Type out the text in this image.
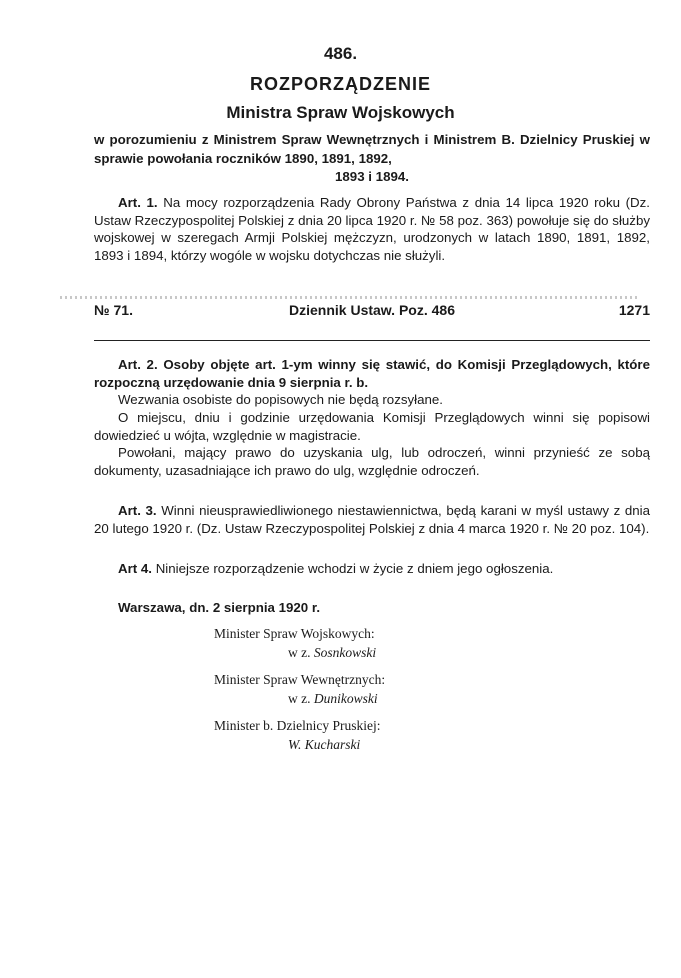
486.
ROZPORZĄDZENIE
Ministra Spraw Wojskowych
w porozumieniu z Ministrem Spraw Wewnętrznych i Ministrem B. Dzielnicy Pruskiej w sprawie powołania roczników 1890, 1891, 1892,
1893 i 1894.
Art. 1. Na mocy rozporządzenia Rady Obrony Państwa z dnia 14 lipca 1920 roku (Dz. Ustaw Rzeczypospolitej Polskiej z dnia 20 lipca 1920 r. № 58 poz. 363) powołuje się do służby wojskowej w szeregach Armji Polskiej mężczyzn, urodzonych w latach 1890, 1891, 1892, 1893 i 1894, którzy wogóle w wojsku dotychczas nie służyli.
№ 71.	Dziennik Ustaw. Poz. 486	1271
Art. 2. Osoby objęte art. 1-ym winny się stawić, do Komisji Przeglądowych, które rozpoczną urzędowanie dnia 9 sierpnia r. b.
Wezwania osobiste do popisowych nie będą rozsyłane.
O miejscu, dniu i godzinie urzędowania Komisji Przeglądowych winni się popisowi dowiedzieć u wójta, względnie w magistracie.
Powołani, mający prawo do uzyskania ulg, lub odroczeń, winni przynieść ze sobą dokumenty, uzasadniające ich prawo do ulg, względnie odroczeń.
Art. 3. Winni nieusprawiedliwionego niestawiennictwa, będą karani w myśl ustawy z dnia 20 lutego 1920 r. (Dz. Ustaw Rzeczypospolitej Polskiej z dnia 4 marca 1920 r. № 20 poz. 104).
Art 4. Niniejsze rozporządzenie wchodzi w życie z dniem jego ogłoszenia.
Warszawa, dn. 2 sierpnia 1920 r.
Minister Spraw Wojskowych:
w z. Sosnkowski
Minister Spraw Wewnętrznych:
w z. Dunikowski
Minister b. Dzielnicy Pruskiej:
W. Kucharski
